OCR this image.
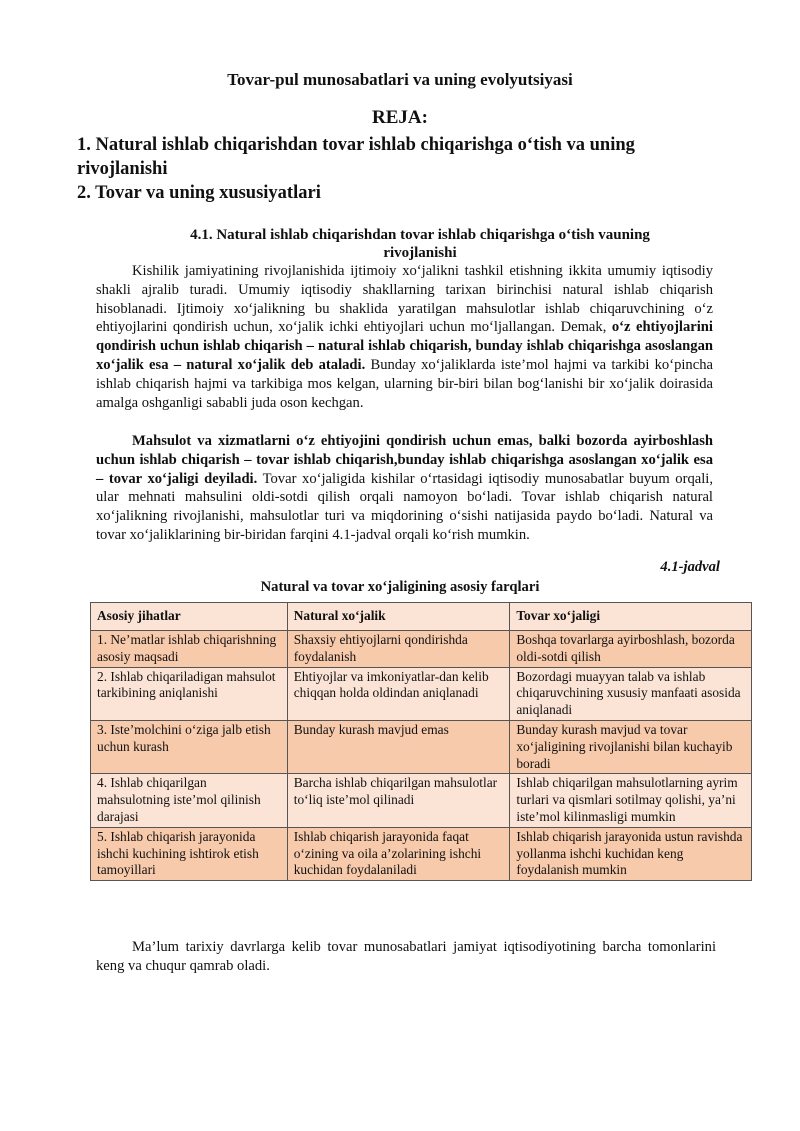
Tovar-pul munosabatlari va uning evolyutsiyasi
REJA:
1. Natural ishlab chiqarishdan tovar ishlab chiqarishga o‘tish va uning rivojlanishi
2. Tovar va uning xususiyatlari
4.1. Natural ishlab chiqarishdan tovar ishlab chiqarishga o‘tish vauning rivojlanishi

Kishilik jamiyatining rivojlanishida ijtimoiy xo‘jalikni tashkil etishning ikkita umumiy iqtisodiy shakli ajralib turadi. Umumiy iqtisodiy shakllarning tarixan birinchisi natural ishlab chiqarish hisoblanadi. Ijtimoiy xo‘jalikning bu shaklida yaratilgan mahsulotlar ishlab chiqaruvchining o‘z ehtiyojlarini qondirish uchun, xo‘jalik ichki ehtiyojlari uchun mo‘ljallangan. Demak, o‘z ehtiyojlarini qondirish uchun ishlab chiqarish – natural ishlab chiqarish, bunday ishlab chiqarishga asoslangan xo‘jalik esa – natural xo‘jalik deb ataladi. Bunday xo‘jaliklarda iste’mol hajmi va tarkibi ko‘pincha ishlab chiqarish hajmi va tarkibiga mos kelgan, ularning bir-biri bilan bog‘lanishi bir xo‘jalik doirasida amalga oshganligi sababli juda oson kechgan.

Mahsulot va xizmatlarni o‘z ehtiyojini qondirish uchun emas, balki bozorda ayirboshlash uchun ishlab chiqarish – tovar ishlab chiqarish,bunday ishlab chiqarishga asoslangan xo‘jalik esa – tovar xo‘jaligi deyiladi. Tovar xo‘jaligida kishilar o‘rtasidagi iqtisodiy munosabatlar buyum orqali, ular mehnati mahsulini oldi-sotdi qilish orqali namoyon bo‘ladi. Tovar ishlab chiqarish natural xo‘jalikning rivojlanishi, mahsulotlar turi va miqdorining o‘sishi natijasida paydo bo‘ladi. Natural va tovar xo‘jaliklarining bir-biridan farqini 4.1-jadval orqali ko‘rish mumkin.

4.1-jadval
Natural va tovar xo‘jaligining asosiy farqlari
Asosiy jihatlar	Natural xo‘jalik	Tovar xo‘jaligi
1. Ne’matlar ishlab chiqarishning asosiy maqsadi	Shaxsiy ehtiyojlarni qondirishda foydalanish	Boshqa tovarlarga ayirboshlash, bozorda oldi-sotdi qilish
2. Ishlab chiqariladigan mahsulot tarkibining aniqlanishi	Ehtiyojlar va imkoniyatlar-dan kelib chiqqan holda oldindan aniqlanadi	Bozordagi muayyan talab va ishlab chiqaruvchining xususiy manfaati asosida aniqlanadi
3. Iste’molchini o‘ziga jalb etish uchun kurash	Bunday kurash mavjud emas	Bunday kurash mavjud va tovar xo‘jaligining rivojlanishi bilan kuchayib boradi
4. Ishlab chiqarilgan mahsulotning iste’mol qilinish darajasi	Barcha ishlab chiqarilgan mahsulotlar to‘liq iste’mol qilinadi	Ishlab chiqarilgan mahsulotlarning ayrim turlari va qismlari sotilmay qolishi, ya’ni iste’mol kilinmasligi mumkin
5. Ishlab chiqarish jarayonida ishchi kuchining ishtirok etish tamoyillari	Ishlab chiqarish jarayonida faqat o‘zining va oila a’zolarining ishchi kuchidan foydalaniladi	Ishlab chiqarish jarayonida ustun ravishda yollanma ishchi kuchidan keng foydalanish mumkin

Ma’lum tarixiy davrlarga kelib tovar munosabatlari jamiyat iqtisodiyotining barcha tomonlarini keng va chuqur qamrab oladi.
